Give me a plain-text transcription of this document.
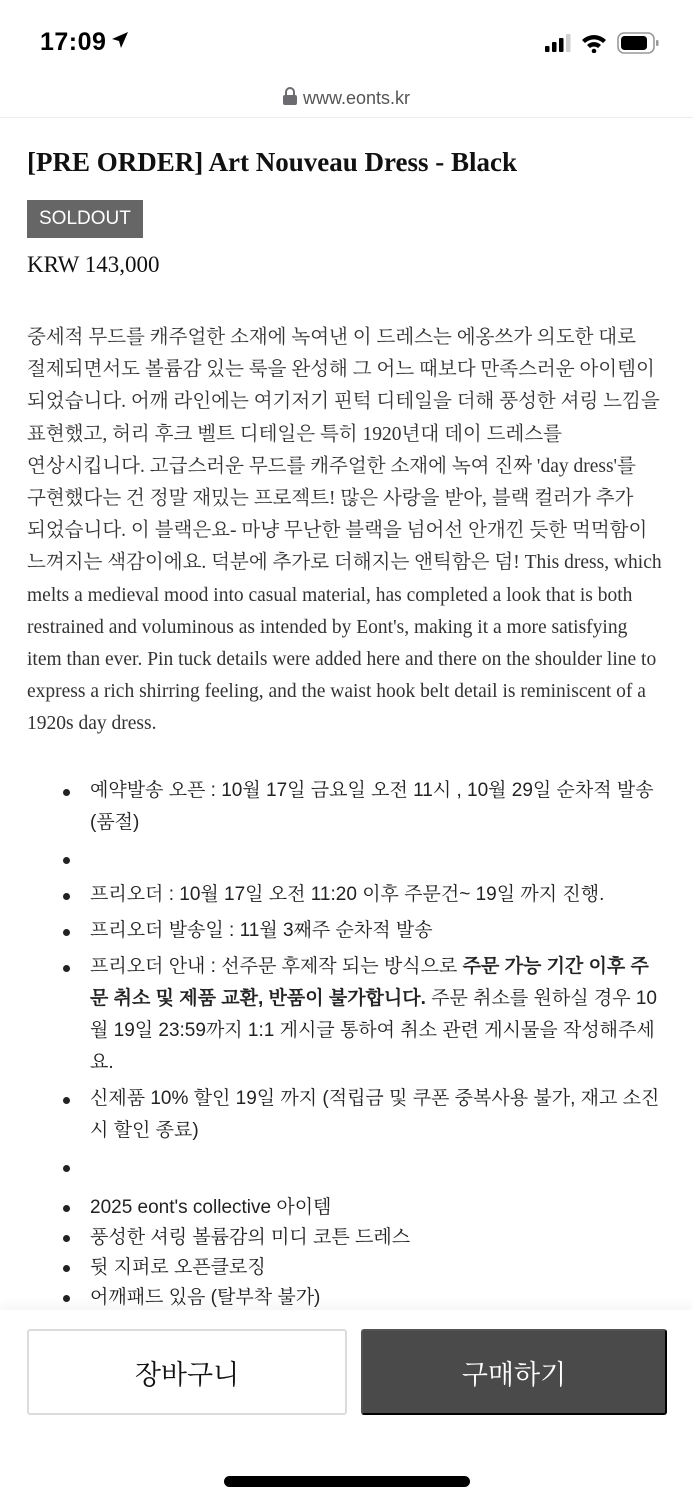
17:09
www.eonts.kr
[PRE ORDER] Art Nouveau Dress - Black
SOLDOUT
KRW 143,000

중세적 무드를 캐주얼한 소재에 녹여낸 이 드레스는 에옹쓰가 의도한 대로 절제되면서도 볼륨감 있는 룩을 완성해 그 어느 때보다 만족스러운 아이템이 되었습니다. 어깨 라인에는 여기저기 핀턱 디테일을 더해 풍성한 셔링 느낌을 표현했고, 허리 후크 벨트 디테일은 특히 1920년대 데이 드레스를 연상시킵니다. 고급스러운 무드를 캐주얼한 소재에 녹여 진짜 'day dress'를 구현했다는 건 정말 재밌는 프로젝트! 많은 사랑을 받아, 블랙 컬러가 추가 되었습니다. 이 블랙은요- 마냥 무난한 블랙을 넘어선 안개낀 듯한 먹먹함이 느껴지는 색감이에요. 덕분에 추가로 더해지는 앤틱함은 덤! This dress, which melts a medieval mood into casual material, has completed a look that is both restrained and voluminous as intended by Eont's, making it a more satisfying item than ever. Pin tuck details were added here and there on the shoulder line to express a rich shirring feeling, and the waist hook belt detail is reminiscent of a 1920s day dress.

예약발송 오픈 : 10월 17일 금요일 오전 11시 , 10월 29일 순차적 발송 (품절)
프리오더 : 10월 17일 오전 11:20 이후 주문건~ 19일 까지 진행.
프리오더 발송일 : 11월 3째주 순차적 발송
프리오더 안내 : 선주문 후제작 되는 방식으로 주문 가능 기간 이후 주문 취소 및 제품 교환, 반품이 불가합니다. 주문 취소를 원하실 경우 10월 19일 23:59까지 1:1 게시글 통하여 취소 관련 게시물을 작성해주세요.
신제품 10% 할인 19일 까지 (적립금 및 쿠폰 중복사용 불가, 재고 소진시 할인 종료)
2025 eont's collective 아이템
풍성한 셔링 볼륨감의 미디 코튼 드레스
뒷 지퍼로 오픈클로징
어깨패드 있음 (탈부착 불가)
장바구니	구매하기
